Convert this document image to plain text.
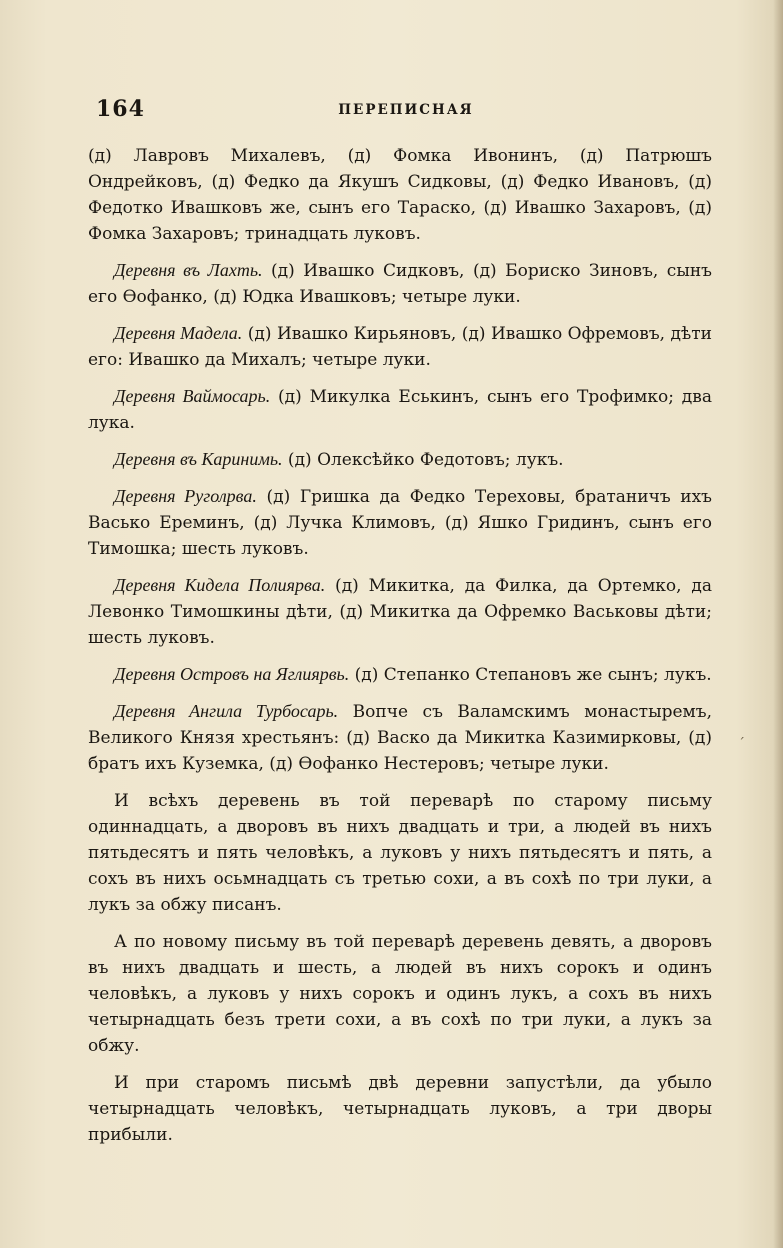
164	ПЕРЕПИСНАЯ

(д) Лавровъ Михалевъ, (д) Фомка Ивонинъ, (д) Патрюшъ Ондрейковъ, (д) Федко да Якушъ Сидковы, (д) Федко Ивановъ, (д) Федотко Ивашковъ же, сынъ его Тараско, (д) Ивашко Захаровъ, (д) Фомка Захаровъ; тринадцать луковъ.

Деревня въ Лахть. (д) Ивашко Сидковъ, (д) Бориско Зиновъ, сынъ его Өофанко, (д) Юдка Ивашковъ; четыре луки.

Деревня Мадела. (д) Ивашко Кирьяновъ, (д) Ивашко Офремовъ, дѣти его: Ивашко да Михалъ; четыре луки.

Деревня Ваймосарь. (д) Микулка Еськинъ, сынъ его Трофимко; два лука.

Деревня въ Каринимь. (д) Олексѣйко Федотовъ; лукъ.

Деревня Руголрва. (д) Гришка да Федко Тереховы, братаничъ ихъ Васько Ереминъ, (д) Лучка Климовъ, (д) Яшко Гридинъ, сынъ его Тимошка; шесть луковъ.

Деревня Кидела Полиярва. (д) Микитка, да Филка, да Ортемко, да Левонко Тимошкины дѣти, (д) Микитка да Офремко Васьковы дѣти; шесть луковъ.

Деревня Островъ на Яглиярвь. (д) Степанко Степановъ же сынъ; лукъ.

Деревня Ангила Турбосарь. Вопче съ Валамскимъ монастыремъ, Великого Князя хрестьянъ: (д) Васко да Микитка Казимирковы, (д) братъ ихъ Куземка, (д) Өофанко Нестеровъ; четыре луки.

И всѣхъ деревень въ той переварѣ по старому письму одиннадцать, а дворовъ въ нихъ двадцать и три, а людей въ нихъ пятьдесятъ и пять человѣкъ, а луковъ у нихъ пятьдесятъ и пять, а сохъ въ нихъ осьмнадцать съ третью сохи, а въ сохѣ по три луки, а лукъ за обжу писанъ.

А по новому письму въ той переварѣ деревень девять, а дворовъ въ нихъ двадцать и шесть, а людей въ нихъ сорокъ и одинъ человѣкъ, а луковъ у нихъ сорокъ и одинъ лукъ, а сохъ въ нихъ четырнадцать безъ трети сохи, а въ сохѣ по три луки, а лукъ за обжу.

И при старомъ письмѣ двѣ деревни запустѣли, да убыло четырнадцать человѣкъ, четырнадцать луковъ, а три дворы прибыли.

ˊ
